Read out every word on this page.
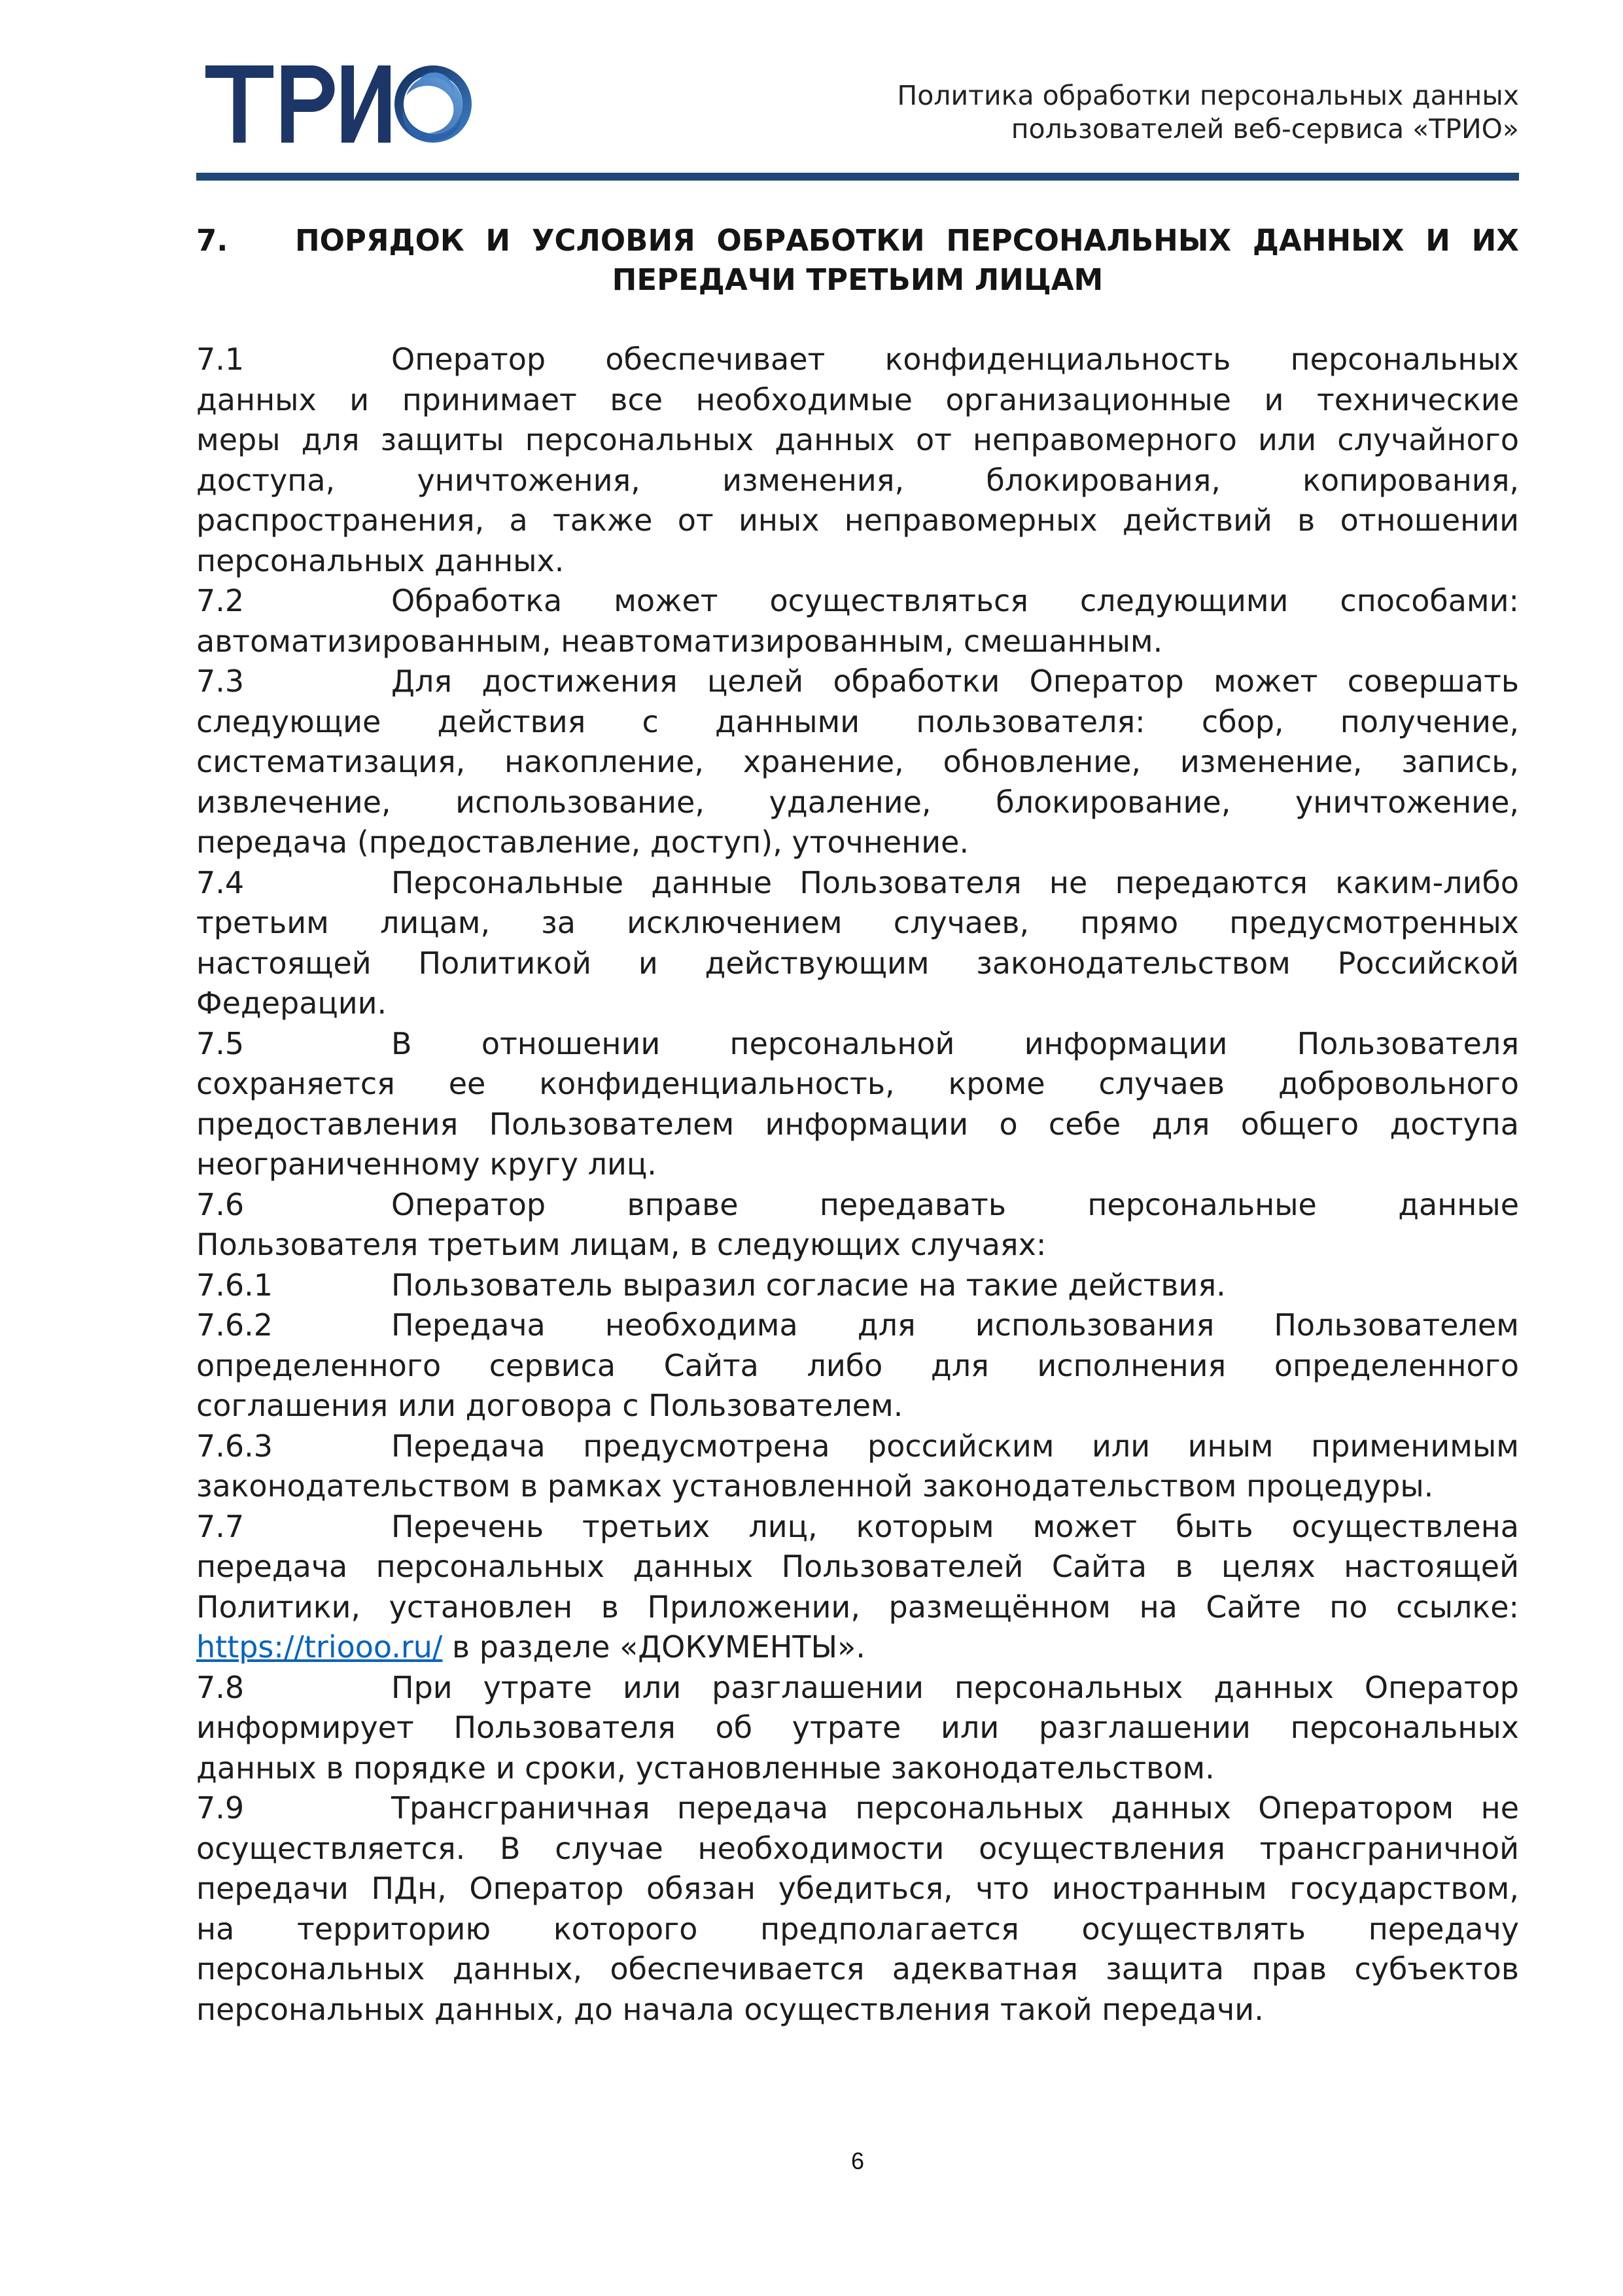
Политика обработки персональных данных
пользователей веб-сервиса «ТРИО»
7.	ПОРЯДОК И УСЛОВИЯ ОБРАБОТКИ ПЕРСОНАЛЬНЫХ ДАННЫХ И ИХ
ПЕРЕДАЧИ ТРЕТЬИМ ЛИЦАМ
7.1	Оператор обеспечивает конфиденциальность персональных
данных и принимает все необходимые организационные и технические
меры для защиты персональных данных от неправомерного или случайного
доступа, уничтожения, изменения, блокирования, копирования,
распространения, а также от иных неправомерных действий в отношении
персональных данных.
7.2	Обработка может осуществляться следующими способами:
автоматизированным, неавтоматизированным, смешанным.
7.3	Для достижения целей обработки Оператор может совершать
следующие действия с данными пользователя: сбор, получение,
систематизация, накопление, хранение, обновление, изменение, запись,
извлечение, использование, удаление, блокирование, уничтожение,
передача (предоставление, доступ), уточнение.
7.4	Персональные данные Пользователя не передаются каким-либо
третьим лицам, за исключением случаев, прямо предусмотренных
настоящей Политикой и действующим законодательством Российской
Федерации.
7.5	В отношении персональной информации Пользователя
сохраняется ее конфиденциальность, кроме случаев добровольного
предоставления Пользователем информации о себе для общего доступа
неограниченному кругу лиц.
7.6	Оператор вправе передавать персональные данные
Пользователя третьим лицам, в следующих случаях:
7.6.1	Пользователь выразил согласие на такие действия.
7.6.2	Передача необходима для использования Пользователем
определенного сервиса Сайта либо для исполнения определенного
соглашения или договора с Пользователем.
7.6.3	Передача предусмотрена российским или иным применимым
законодательством в рамках установленной законодательством процедуры.
7.7	Перечень третьих лиц, которым может быть осуществлена
передача персональных данных Пользователей Сайта в целях настоящей
Политики, установлен в Приложении, размещённом на Сайте по ссылке:
https://triooo.ru/ в разделе «ДОКУМЕНТЫ».
7.8	При утрате или разглашении персональных данных Оператор
информирует Пользователя об утрате или разглашении персональных
данных в порядке и сроки, установленные законодательством.
7.9	Трансграничная передача персональных данных Оператором не
осуществляется. В случае необходимости осуществления трансграничной
передачи ПДн, Оператор обязан убедиться, что иностранным государством,
на территорию которого предполагается осуществлять передачу
персональных данных, обеспечивается адекватная защита прав субъектов
персональных данных, до начала осуществления такой передачи.
6
